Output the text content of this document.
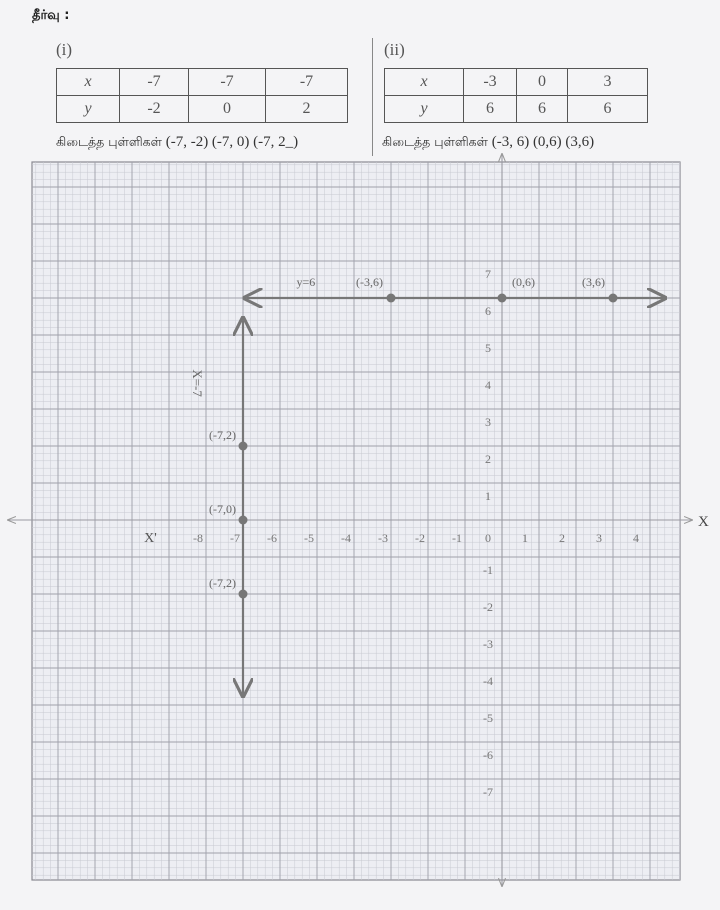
தீர்வு :
(i)	(ii)
x	-7	-7	-7
y	-2	0	2
x	-3	0	3
y	6	6	6
கிடைத்த புள்ளிகள் (-7, -2) (-7, 0) (-7, 2_)	கிடைத்த புள்ளிகள் (-3, 6) (0,6) (3,6)
-8 -7 -6 -5 -4 -3 -2 -1 0	1	2	3	4
7
6
5
4
3
2
1
-1
-2
-3
-4
-5
-6
-7
X
X'
X=-7
(-7,2)
(-7,0)
(-7,2)
y=6	(-3,6)	(0,6)	(3,6)
